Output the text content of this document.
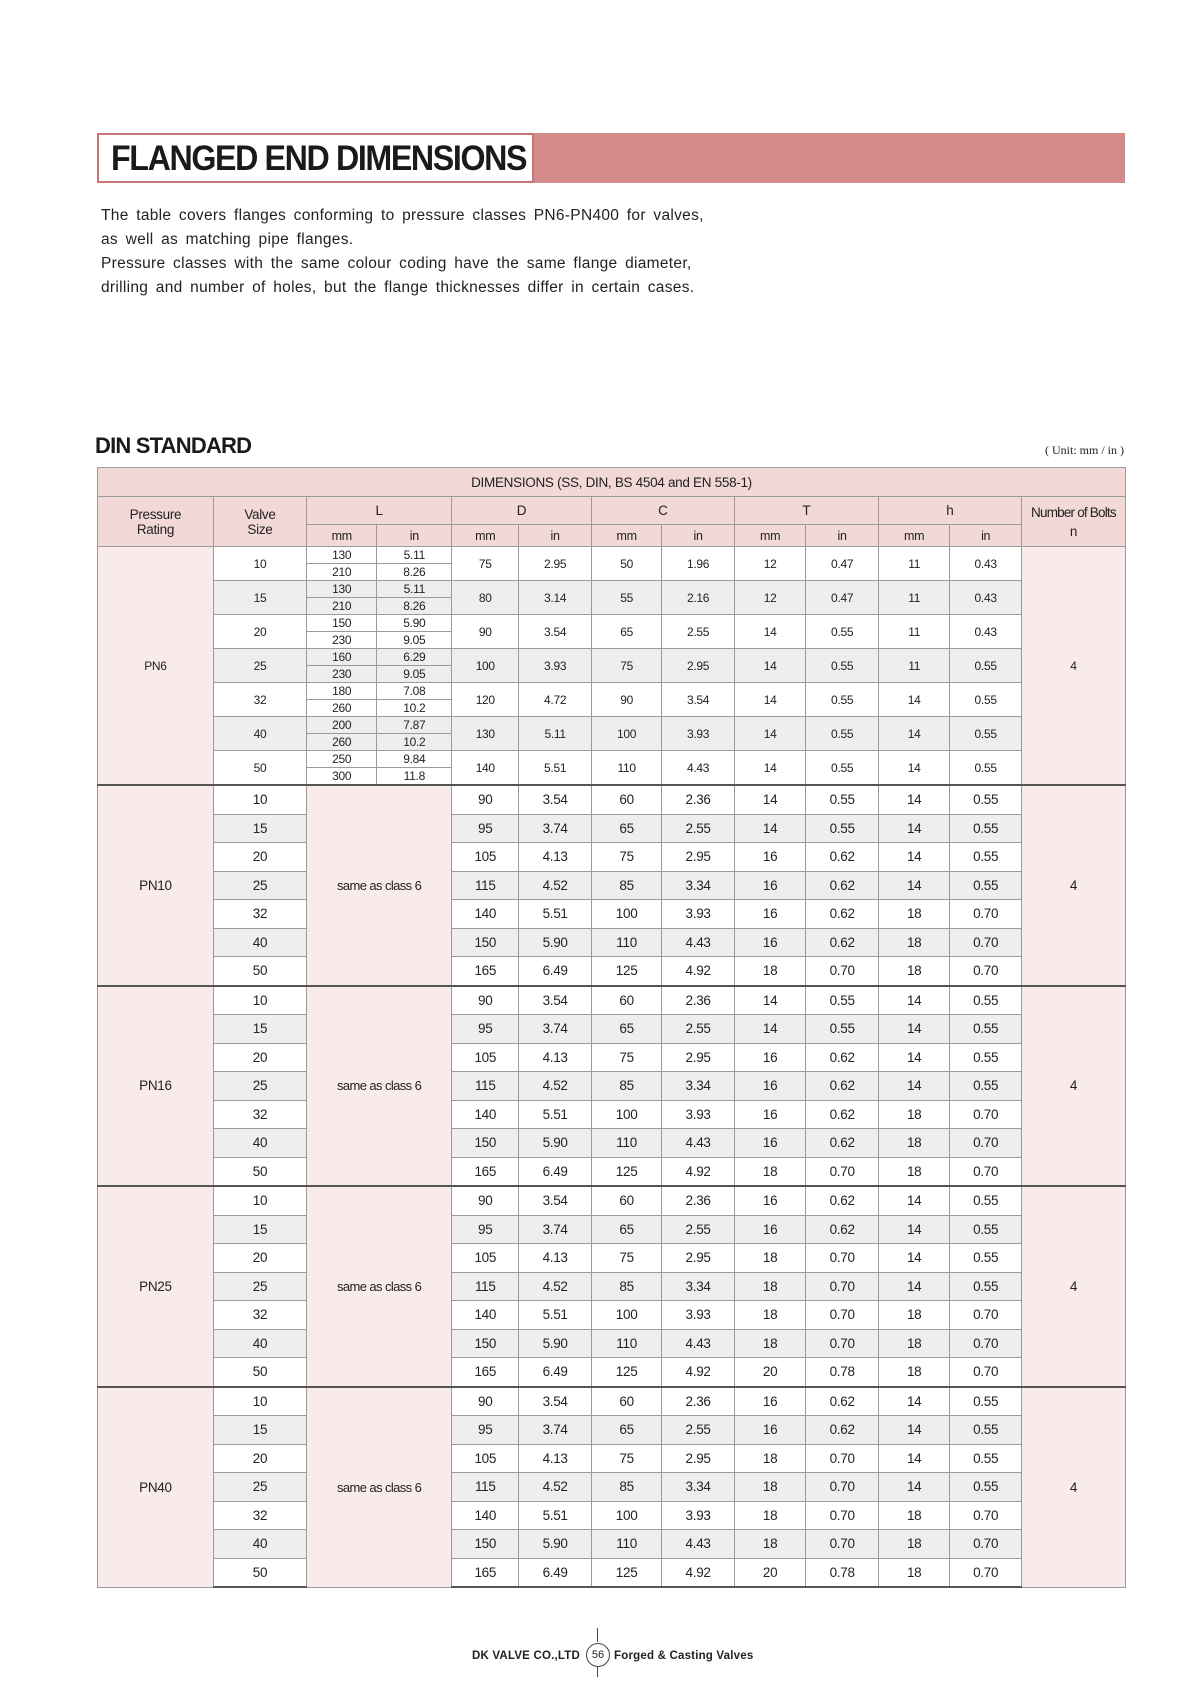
FLANGED END DIMENSIONS

The table covers flanges conforming to pressure classes PN6-PN400 for valves,

as well as matching pipe flanges.

Pressure classes with the same colour coding have the same flange diameter,

drilling and number of holes, but the flange thicknesses differ in certain cases.

DIN STANDARD	( Unit: mm / in )
DIMENSIONS (SS, DIN, BS 4504 and EN 558-1)												
Pressure Rating	Valve Size	L		D		C		T		h		Number of Bolts
n

		mm	in	mm	in	mm	in	mm	in	mm	in	
PN6	10	130	5.11	75	2.95	50	1.96	12	0.47	11	0.43	4
		210	8.26									
	15	130	5.11	80	3.14	55	2.16	12	0.47	11	0.43	
		210	8.26									
	20	150	5.90	90	3.54	65	2.55	14	0.55	11	0.43	
		230	9.05									
	25	160	6.29	100	3.93	75	2.95	14	0.55	11	0.55	
		230	9.05									
	32	180	7.08	120	4.72	90	3.54	14	0.55	14	0.55	
		260	10.2									
	40	200	7.87	130	5.11	100	3.93	14	0.55	14	0.55	
		260	10.2									
	50	250	9.84	140	5.51	110	4.43	14	0.55	14	0.55	
		300	11.8									
PN10	10	same as class 6		90	3.54	60	2.36	14	0.55	14	0.55	4
	15			95	3.74	65	2.55	14	0.55	14	0.55	
	20			105	4.13	75	2.95	16	0.62	14	0.55	
	25			115	4.52	85	3.34	16	0.62	14	0.55	
	32			140	5.51	100	3.93	16	0.62	18	0.70	
	40			150	5.90	110	4.43	16	0.62	18	0.70	
	50			165	6.49	125	4.92	18	0.70	18	0.70	
PN16	10	same as class 6		90	3.54	60	2.36	14	0.55	14	0.55	4
	15			95	3.74	65	2.55	14	0.55	14	0.55	
	20			105	4.13	75	2.95	16	0.62	14	0.55	
	25			115	4.52	85	3.34	16	0.62	14	0.55	
	32			140	5.51	100	3.93	16	0.62	18	0.70	
	40			150	5.90	110	4.43	16	0.62	18	0.70	
	50			165	6.49	125	4.92	18	0.70	18	0.70	
PN25	10	same as class 6		90	3.54	60	2.36	16	0.62	14	0.55	4
	15			95	3.74	65	2.55	16	0.62	14	0.55	
	20			105	4.13	75	2.95	18	0.70	14	0.55	
	25			115	4.52	85	3.34	18	0.70	14	0.55	
	32			140	5.51	100	3.93	18	0.70	18	0.70	
	40			150	5.90	110	4.43	18	0.70	18	0.70	
	50			165	6.49	125	4.92	20	0.78	18	0.70	
PN40	10	same as class 6		90	3.54	60	2.36	16	0.62	14	0.55	4
	15			95	3.74	65	2.55	16	0.62	14	0.55	
	20			105	4.13	75	2.95	18	0.70	14	0.55	
	25			115	4.52	85	3.34	18	0.70	14	0.55	
	32			140	5.51	100	3.93	18	0.70	18	0.70	
	40			150	5.90	110	4.43	18	0.70	18	0.70	
	50			165	6.49	125	4.92	20	0.78	18	0.70	
DK VALVE CO.,LTD	56 Forged & Casting Valves
